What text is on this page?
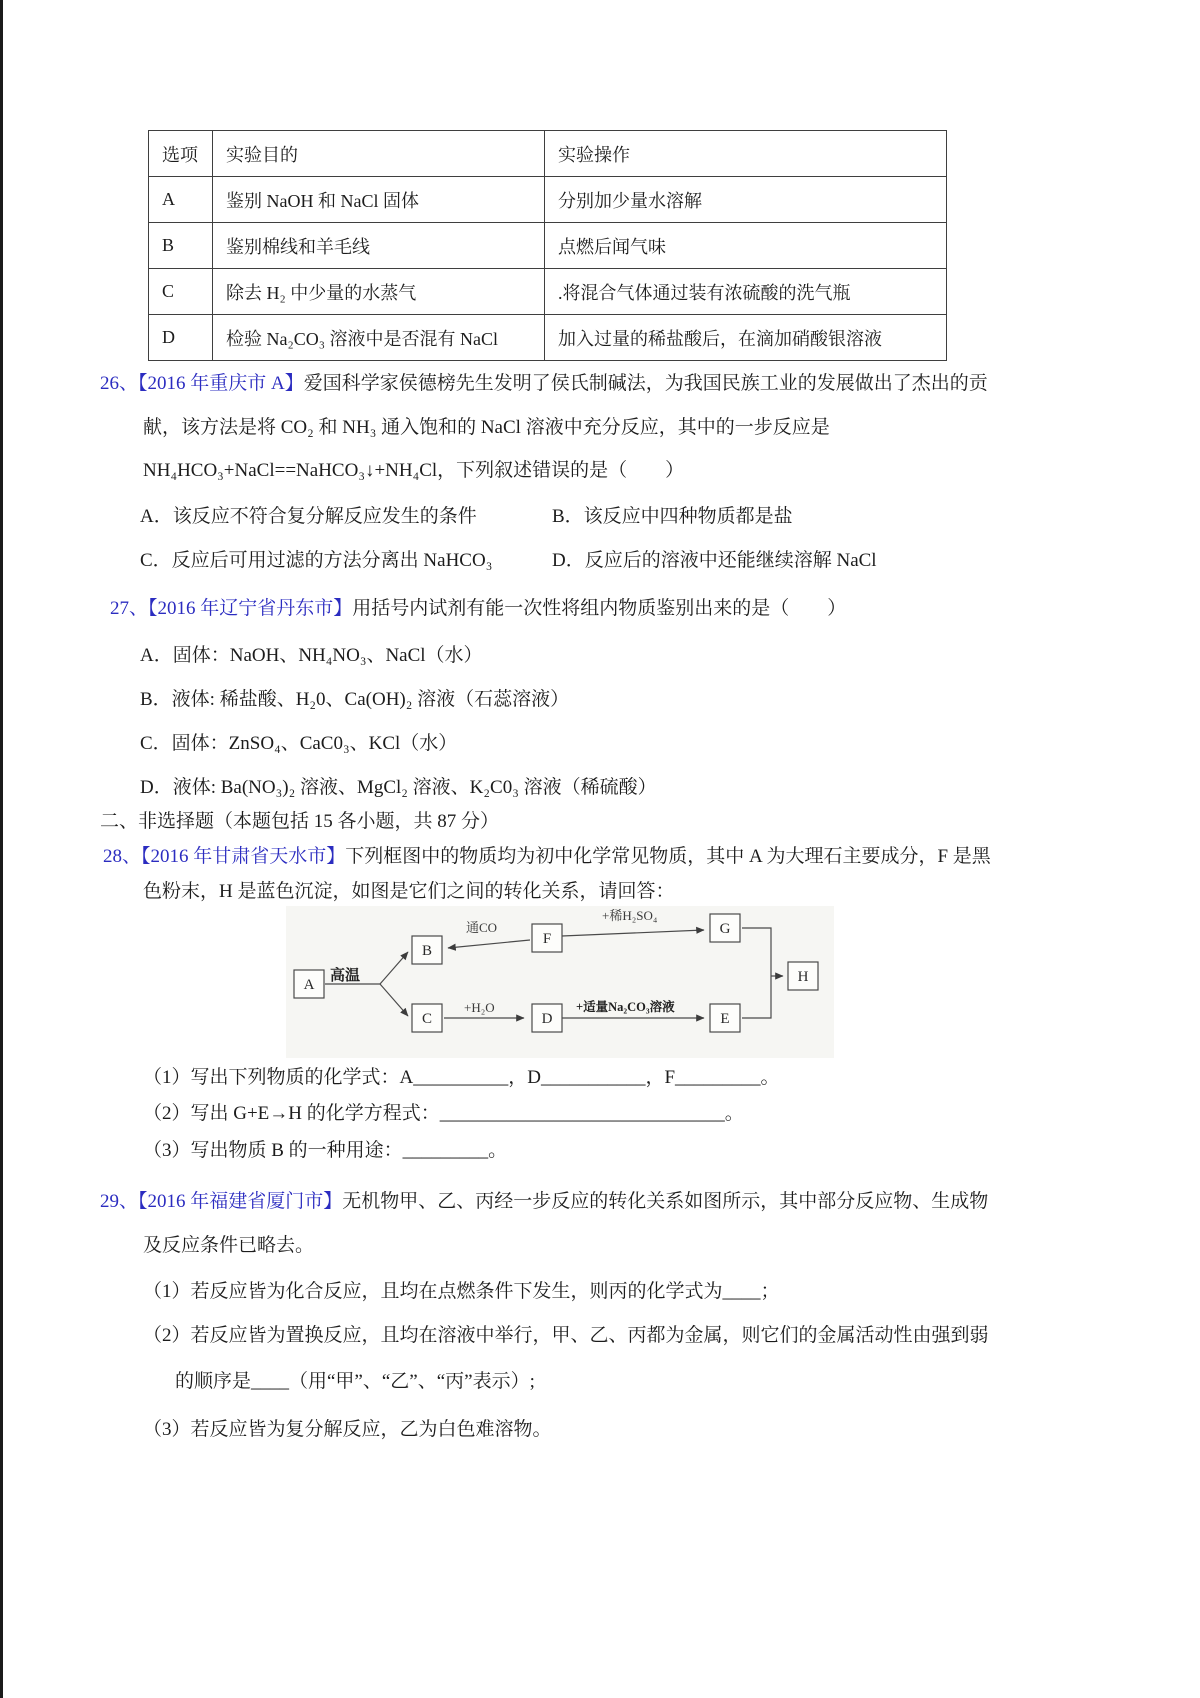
选项	实验目的	实验操作
A	鉴别 NaOH 和 NaCl 固体	分别加少量水溶解
B	鉴别棉线和羊毛线	点燃后闻气味
C	除去 H₂ 中少量的水蒸气	.将混合气体通过装有浓硫酸的洗气瓶
D	检验 Na₂CO₃ 溶液中是否混有 NaCl	加入过量的稀盐酸后，在滴加硝酸银溶液
26、【2016 年重庆市 A】爱国科学家侯德榜先生发明了侯氏制碱法，为我国民族工业的发展做出了杰出的贡
献，该方法是将 CO₂ 和 NH₃ 通入饱和的 NaCl 溶液中充分反应，其中的一步反应是
NH₄HCO₃+NaCl==NaHCO₃↓+NH₄Cl，下列叙述错误的是（　　）
A．该反应不符合复分解反应发生的条件	B．该反应中四种物质都是盐
C．反应后可用过滤的方法分离出 NaHCO₃	D．反应后的溶液中还能继续溶解 NaCl
27、【2016 年辽宁省丹东市】用括号内试剂有能一次性将组内物质鉴别出来的是（　　）
A．固体：NaOH、NH₄NO₃、NaCl（水）
B．液体: 稀盐酸、H₂0、Ca(OH)₂ 溶液（石蕊溶液）
C．固体：ZnSO₄、CaC0₃、KCl（水）
D．液体: Ba(NO₃)₂ 溶液、MgCl₂ 溶液、K₂C0₃ 溶液（稀硫酸）
二、非选择题（本题包括 15 各小题，共 87 分）
28、【2016 年甘肃省天水市】下列框图中的物质均为初中化学常见物质，其中 A 为大理石主要成分，F 是黑
色粉末，H 是蓝色沉淀，如图是它们之间的转化关系，请回答：
A
B
C
F
D
G
E
H
高温
通CO
+稀H₂SO₄
+H₂O	+适量Na₂CO₃溶液
（1）写出下列物质的化学式：A__________，D___________，F_________。
（2）写出 G+E→H 的化学方程式：______________________________。
（3）写出物质 B 的一种用途：_________。
29、【2016 年福建省厦门市】无机物甲、乙、丙经一步反应的转化关系如图所示，其中部分反应物、生成物
及反应条件已略去。
（1）若反应皆为化合反应，且均在点燃条件下发生，则丙的化学式为____；
（2）若反应皆为置换反应，且均在溶液中举行，甲、乙、丙都为金属，则它们的金属活动性由强到弱
的顺序是____（用“甲”、“乙”、“丙”表示）;
（3）若反应皆为复分解反应，乙为白色难溶物。
